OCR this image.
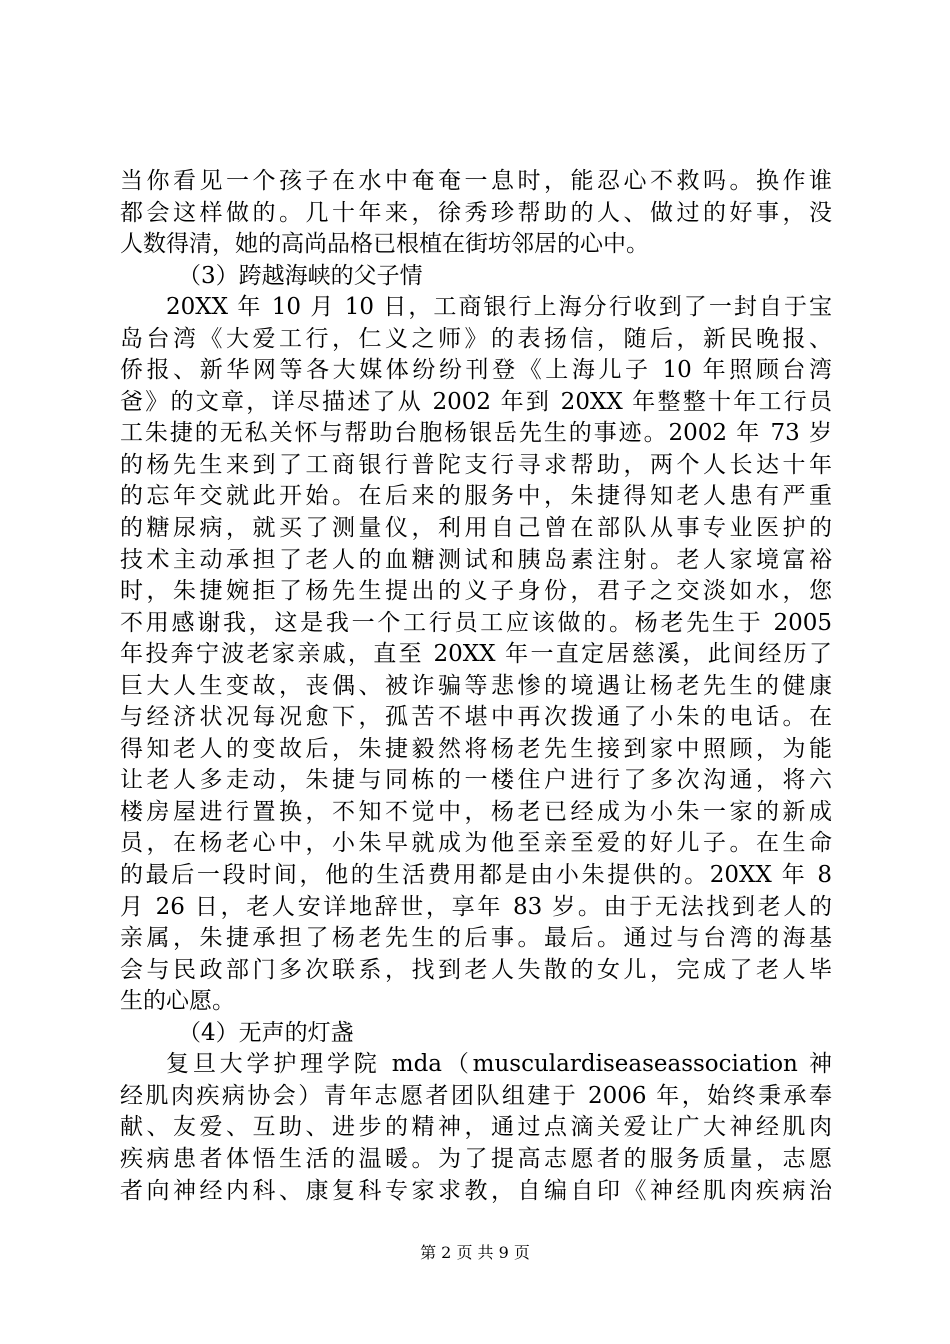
当你看见一个孩子在水中奄奄一息时，能忍心不救吗。换作谁
都会这样做的。几十年来，徐秀珍帮助的人、做过的好事，没
人数得清，她的高尚品格已根植在街坊邻居的心中。
（3）跨越海峡的父子情
20XX 年 10 月 10 日，工商银行上海分行收到了一封自于宝
岛台湾《大爱工行，仁义之师》的表扬信，随后，新民晚报、
侨报、新华网等各大媒体纷纷刊登《上海儿子 10 年照顾台湾
爸》的文章，详尽描述了从 2002 年到 20XX 年整整十年工行员
工朱捷的无私关怀与帮助台胞杨银岳先生的事迹。2002 年 73 岁
的杨先生来到了工商银行普陀支行寻求帮助，两个人长达十年
的忘年交就此开始。在后来的服务中，朱捷得知老人患有严重
的糖尿病，就买了测量仪，利用自己曾在部队从事专业医护的
技术主动承担了老人的血糖测试和胰岛素注射。老人家境富裕
时，朱捷婉拒了杨先生提出的义子身份，君子之交淡如水，您
不用感谢我，这是我一个工行员工应该做的。杨老先生于 2005
年投奔宁波老家亲戚，直至 20XX 年一直定居慈溪，此间经历了
巨大人生变故，丧偶、被诈骗等悲惨的境遇让杨老先生的健康
与经济状况每况愈下，孤苦不堪中再次拨通了小朱的电话。在
得知老人的变故后，朱捷毅然将杨老先生接到家中照顾，为能
让老人多走动，朱捷与同栋的一楼住户进行了多次沟通，将六
楼房屋进行置换，不知不觉中，杨老已经成为小朱一家的新成
员，在杨老心中，小朱早就成为他至亲至爱的好儿子。在生命
的最后一段时间，他的生活费用都是由小朱提供的。20XX 年 8
月 26 日，老人安详地辞世，享年 83 岁。由于无法找到老人的
亲属，朱捷承担了杨老先生的后事。最后。通过与台湾的海基
会与民政部门多次联系，找到老人失散的女儿，完成了老人毕
生的心愿。
（4）无声的灯盏
复旦大学护理学院 mda（musculardiseaseassociation 神
经肌肉疾病协会）青年志愿者团队组建于 2006 年，始终秉承奉
献、友爱、互助、进步的精神，通过点滴关爱让广大神经肌肉
疾病患者体悟生活的温暖。为了提高志愿者的服务质量，志愿
者向神经内科、康复科专家求教，自编自印《神经肌肉疾病治
第 2 页 共 9 页
